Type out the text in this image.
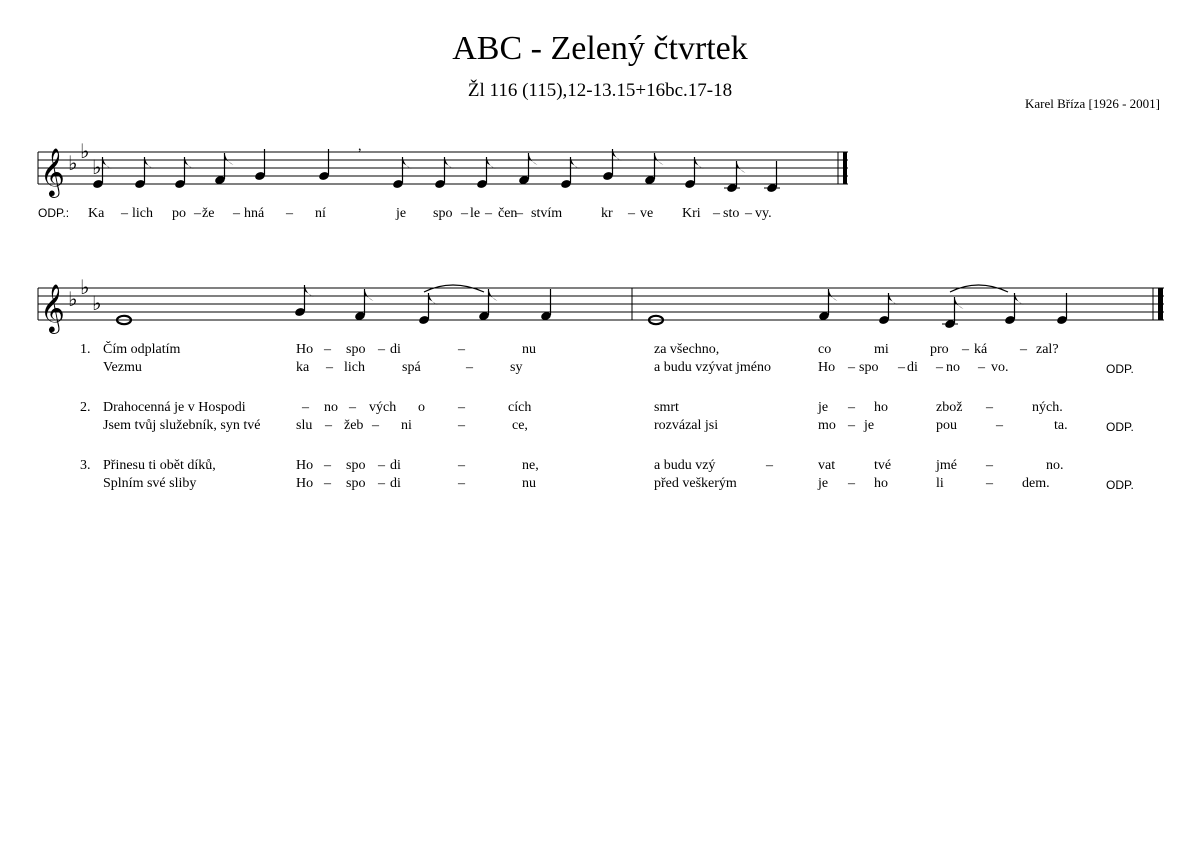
ABC - Zelený čtvrtek
Žl 116 (115),12-13.15+16bc.17-18
Karel Bříza [1926 - 2001]
𝄞 ♭ ♭
♭
,
𝄞 ♭ ♭
♭
ODP.: Ka – lich po – že – hná – ní	je spo – le – čen
– stvím	kr – ve Kri – sto – vy.
1. Čím odplatím	Ho – spo – di	–	nu	za všechno,	co	mi	pro – ká – zal?
Vezmu	ka – lich	spá	–	sy	a budu vzývat jméno	Ho – spo – di – no – vo.	ODP.
2. Drahocenná je v Hospodi	– no – vých o –	cích	smrt	je – ho	zbož –	ných.
Jsem tvůj služebník, syn tvé	slu – žeb – ni	–	ce,	rozvázal jsi	mo – je	pou	–	ta.	ODP.
3. Přinesu ti obět díků,	Ho – spo – di	–	ne,	a budu vzý	–	vat	tvé	jmé –	no.
Splním své sliby	Ho – spo – di	–	nu	před veškerým	je – ho	li	– dem.	ODP.
